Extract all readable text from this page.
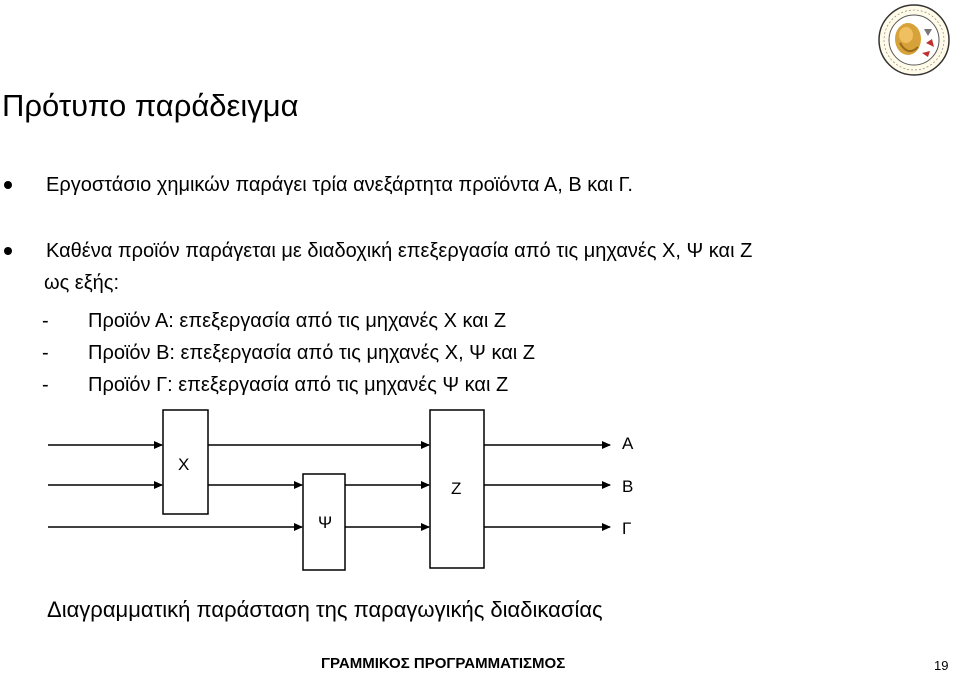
Πρότυπο παράδειγμα
Εργοστάσιο χημικών παράγει τρία ανεξάρτητα προϊόντα Α, Β και Γ.
Καθένα προϊόν παράγεται με διαδοχική επεξεργασία από τις μηχανές Χ, Ψ και Ζ
ως εξής:
- Προϊόν Α: επεξεργασία από τις μηχανές Χ και Ζ
- Προϊόν Β: επεξεργασία από τις μηχανές Χ, Ψ και Ζ
- Προϊόν Γ: επεξεργασία από τις μηχανές Ψ και Ζ
Χ
Ψ
Ζ
Α
Β
Γ
Διαγραμματική παράσταση της παραγωγικής διαδικασίας
ΓΡΑΜΜΙΚΟΣ ΠΡΟΓΡΑΜΜΑΤΙΣΜΟΣ	19
